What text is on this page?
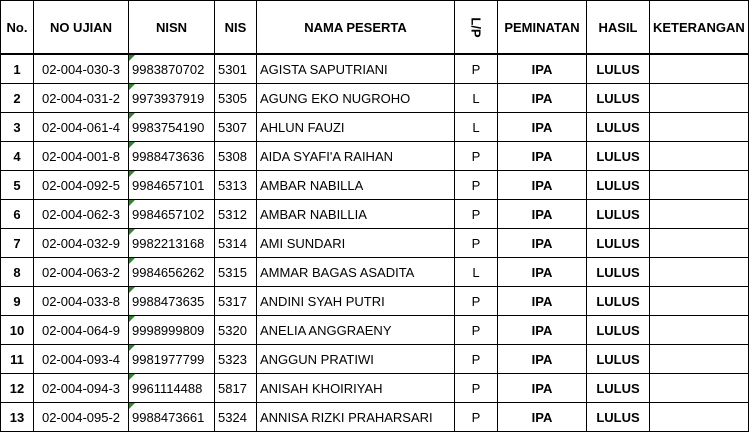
No.	NO UJIAN	NISN	NIS	NAMA PESERTA	L/P	PEMINATAN	HASIL	KETERANGAN
1	02-004-030-3	9983870702	5301	AGISTA SAPUTRIANI	P	IPA	LULUS	
2	02-004-031-2	9973937919	5305	AGUNG EKO NUGROHO	L	IPA	LULUS	
3	02-004-061-4	9983754190	5307	AHLUN FAUZI	L	IPA	LULUS	
4	02-004-001-8	9988473636	5308	AIDA SYAFI'A RAIHAN	P	IPA	LULUS	
5	02-004-092-5	9984657101	5313	AMBAR NABILLA	P	IPA	LULUS	
6	02-004-062-3	9984657102	5312	AMBAR NABILLIA	P	IPA	LULUS	
7	02-004-032-9	9982213168	5314	AMI SUNDARI	P	IPA	LULUS	
8	02-004-063-2	9984656262	5315	AMMAR BAGAS ASADITA	L	IPA	LULUS	
9	02-004-033-8	9988473635	5317	ANDINI SYAH PUTRI	P	IPA	LULUS	
10	02-004-064-9	9998999809	5320	ANELIA ANGGRAENY	P	IPA	LULUS	
11	02-004-093-4	9981977799	5323	ANGGUN PRATIWI	P	IPA	LULUS	
12	02-004-094-3	9961114488	5817	ANISAH KHOIRIYAH	P	IPA	LULUS	
13	02-004-095-2	9988473661	5324	ANNISA RIZKI PRAHARSARI	P	IPA	LULUS	
